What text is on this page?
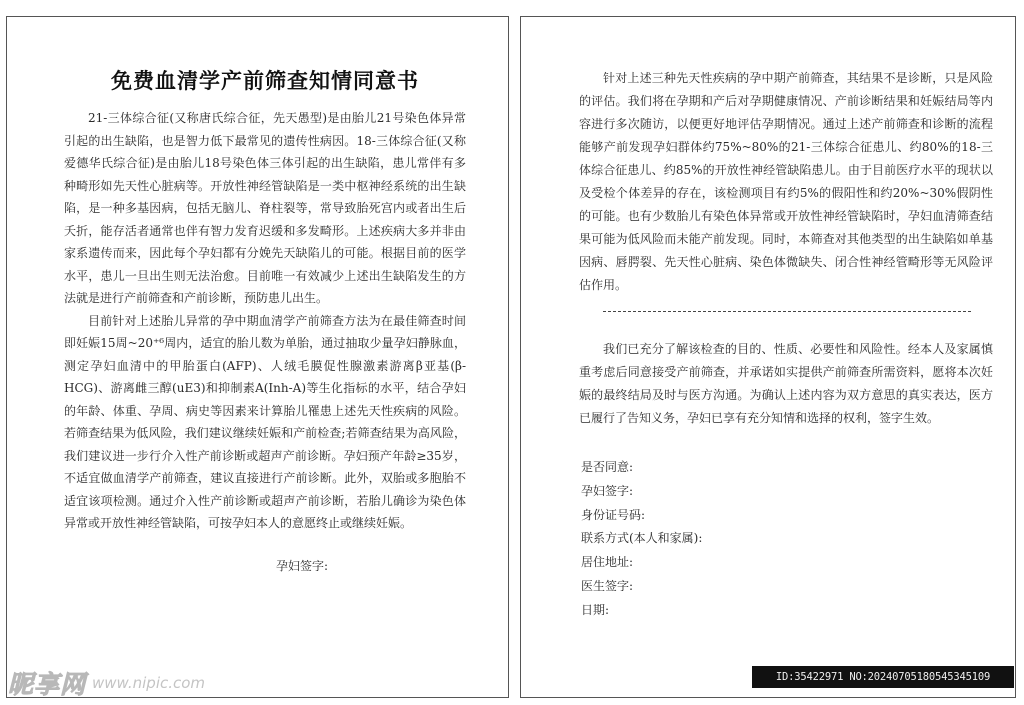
免费血清学产前筛查知情同意书

21-三体综合征(又称唐氏综合征，先天愚型)是由胎儿21号染色体异常引起的出生缺陷，也是智力低下最常见的遗传性病因。18-三体综合征(又称爱德华氏综合征)是由胎儿18号染色体三体引起的出生缺陷，患儿常伴有多种畸形如先天性心脏病等。开放性神经管缺陷是一类中枢神经系统的出生缺陷，是一种多基因病，包括无脑儿、脊柱裂等，常导致胎死宫内或者出生后夭折，能存活者通常也伴有智力发育迟缓和多发畸形。上述疾病大多并非由家系遗传而来，因此每个孕妇都有分娩先天缺陷儿的可能。根据目前的医学水平，患儿一旦出生则无法治愈。目前唯一有效减少上述出生缺陷发生的方法就是进行产前筛查和产前诊断，预防患儿出生。

目前针对上述胎儿异常的孕中期血清学产前筛查方法为在最佳筛查时间即妊娠15周~20⁺⁶周内，适宜的胎儿数为单胎，通过抽取少量孕妇静脉血，测定孕妇血清中的甲胎蛋白(AFP)、人绒毛膜促性腺激素游离β亚基(β-HCG)、游离雌三醇(uE3)和抑制素A(Inh-A)等生化指标的水平，结合孕妇的年龄、体重、孕周、病史等因素来计算胎儿罹患上述先天性疾病的风险。若筛查结果为低风险，我们建议继续妊娠和产前检查;若筛查结果为高风险，我们建议进一步行介入性产前诊断或超声产前诊断。孕妇预产年龄≥35岁，不适宜做血清学产前筛查，建议直接进行产前诊断。此外，双胎或多胞胎不适宜该项检测。通过介入性产前诊断或超声产前诊断，若胎儿确诊为染色体异常或开放性神经管缺陷，可按孕妇本人的意愿终止或继续妊娠。

孕妇签字:

针对上述三种先天性疾病的孕中期产前筛查，其结果不是诊断，只是风险的评估。我们将在孕期和产后对孕期健康情况、产前诊断结果和妊娠结局等内容进行多次随访，以便更好地评估孕期情况。通过上述产前筛查和诊断的流程能够产前发现孕妇群体约75%~80%的21-三体综合征患儿、约80%的18-三体综合征患儿、约85%的开放性神经管缺陷患儿。由于目前医疗水平的现状以及受检个体差异的存在，该检测项目有约5%的假阳性和约20%~30%假阴性的可能。也有少数胎儿有染色体异常或开放性神经管缺陷时，孕妇血清筛查结果可能为低风险而未能产前发现。同时，本筛查对其他类型的出生缺陷如单基因病、唇腭裂、先天性心脏病、染色体微缺失、闭合性神经管畸形等无风险评估作用。

我们已充分了解该检查的目的、性质、必要性和风险性。经本人及家属慎重考虑后同意接受产前筛查，并承诺如实提供产前筛查所需资料，愿将本次妊娠的最终结局及时与医方沟通。为确认上述内容为双方意思的真实表达，医方已履行了告知义务，孕妇已享有充分知情和选择的权利，签字生效。

是否同意:
孕妇签字:
身份证号码:
联系方式(本人和家属):
居住地址:
医生签字:
日期:
昵享网 www.nipic.com	ID:35422971 NO:20240705180545345109
